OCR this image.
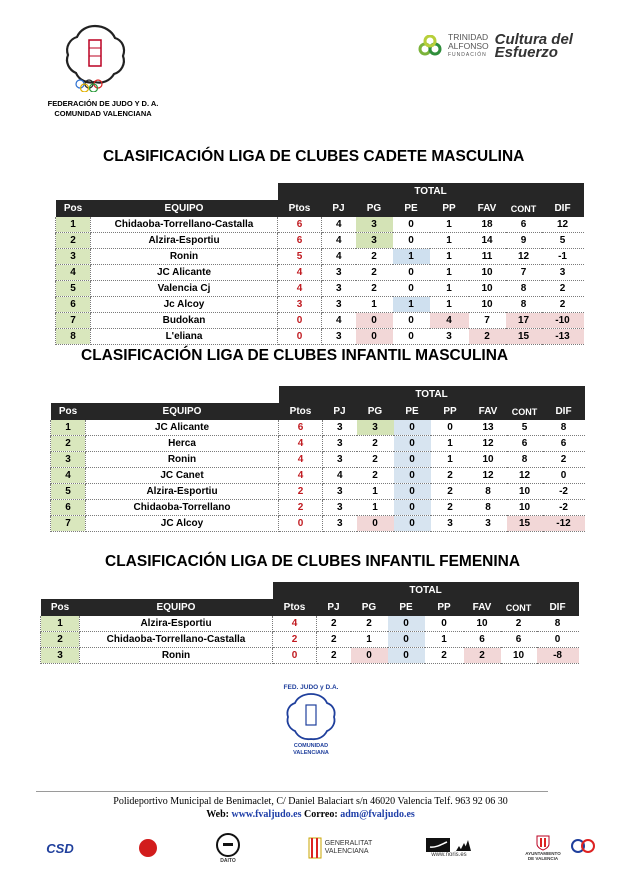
FEDERACIÓN DE JUDO Y D. A.
COMUNIDAD VALENCIANA
TRINIDAD
ALFONSO
FUNDACIÓN
Cultura del
Esfuerzo
CLASIFICACIÓN LIGA DE CLUBES CADETE MASCULINA
		TOTAL							
Pos	EQUIPO	Ptos	PJ	PG	PE	PP	FAV	CONT	DIF
1	Chidaoba-Torrellano-Castalla	6	4	3	0	1	18	6	12
2	Alzira-Esportiu	6	4	3	0	1	14	9	5
3	Ronin	5	4	2	1	1	11	12	-1
4	JC Alicante	4	3	2	0	1	10	7	3
5	Valencia Cj	4	3	2	0	1	10	8	2
6	Jc Alcoy	3	3	1	1	1	10	8	2
7	Budokan	0	4	0	0	4	7	17	-10
8	L'eliana	0	3	0	0	3	2	15	-13
CLASIFICACIÓN LIGA DE CLUBES INFANTIL MASCULINA
		TOTAL							
Pos	EQUIPO	Ptos	PJ	PG	PE	PP	FAV	CONT	DIF
1	JC Alicante	6	3	3	0	0	13	5	8
2	Herca	4	3	2	0	1	12	6	6
3	Ronin	4	3	2	0	1	10	8	2
4	JC Canet	4	4	2	0	2	12	12	0
5	Alzira-Esportiu	2	3	1	0	2	8	10	-2
6	Chidaoba-Torrellano	2	3	1	0	2	8	10	-2
7	JC Alcoy	0	3	0	0	3	3	15	-12
CLASIFICACIÓN LIGA DE CLUBES INFANTIL FEMENINA
		TOTAL							
Pos	EQUIPO	Ptos	PJ	PG	PE	PP	FAV	CONT	DIF
1	Alzira-Esportiu	4	2	2	0	0	10	2	8
2	Chidaoba-Torrellano-Castalla	2	2	1	0	1	6	6	0
3	Ronin	0	2	0	0	2	2	10	-8
FED. JUDO y D.A.
COMUNIDAD
VALENCIANA
Polideportivo Municipal de Benimaclet, C/ Daniel Balaciart s/n 46020 Valencia Telf. 963 92 06 30
Web: www.fvaljudo.es Correo: adm@fvaljudo.es
CSD
DAITO
GENERALITAT
VALENCIANA	www.noris.es	AYUNTAMIENTO
DE VALENCIA
